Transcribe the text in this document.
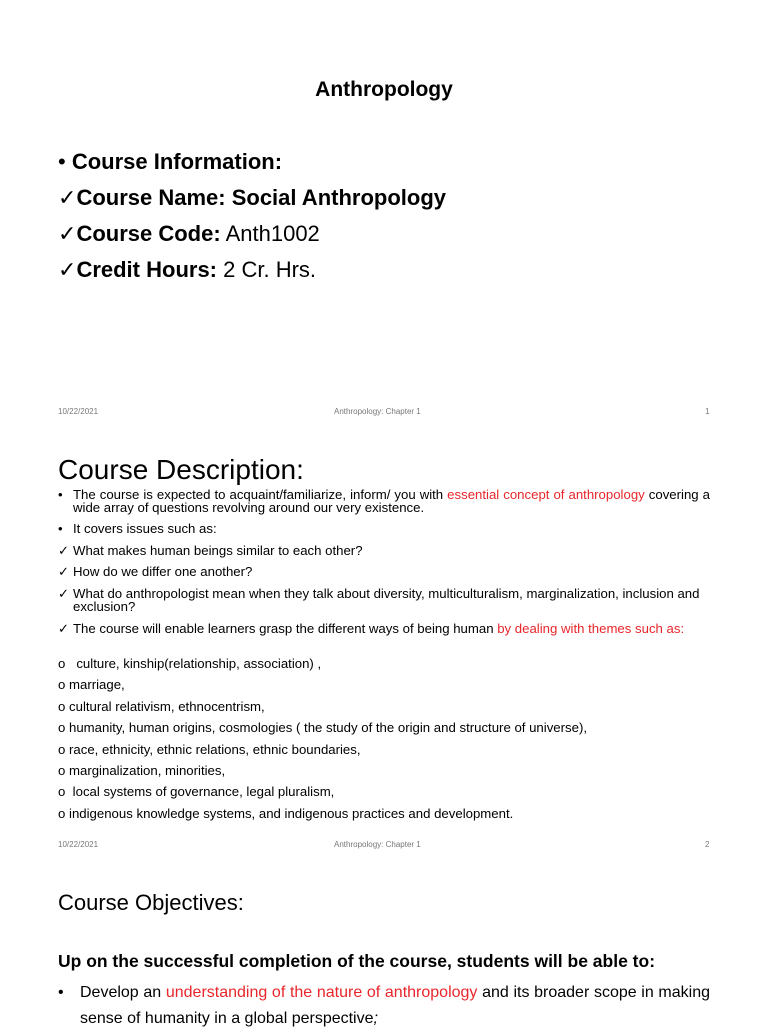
Anthropology
• Course Information:
✓Course Name: Social Anthropology
✓Course Code: Anth1002
✓Credit Hours: 2 Cr. Hrs.
10/22/2021	Anthropology: Chapter 1	1
Course Description:
• The course is expected to acquaint/familiarize, inform/ you with essential concept of anthropology covering a wide array of questions revolving around our very existence.
• It covers issues such as:
✓ What makes human beings similar to each other?
✓ How do we differ one another?
✓ What do anthropologist mean when they talk about diversity, multiculturalism, marginalization, inclusion and exclusion?
✓ The course will enable learners grasp the different ways of being human by dealing with themes such as:
o   culture, kinship(relationship, association) ,
o marriage,
o cultural relativism, ethnocentrism,
o humanity, human origins, cosmologies ( the study of the origin and structure of universe),
o race, ethnicity, ethnic relations, ethnic boundaries,
o marginalization, minorities,
o  local systems of governance, legal pluralism,
o indigenous knowledge systems, and indigenous practices and development.
10/22/2021	Anthropology: Chapter 1	2
Course Objectives:
Up on the successful completion of the course, students will be able to:
•	Develop an understanding of the nature of anthropology and its broader scope in making sense of humanity in a global perspective;
